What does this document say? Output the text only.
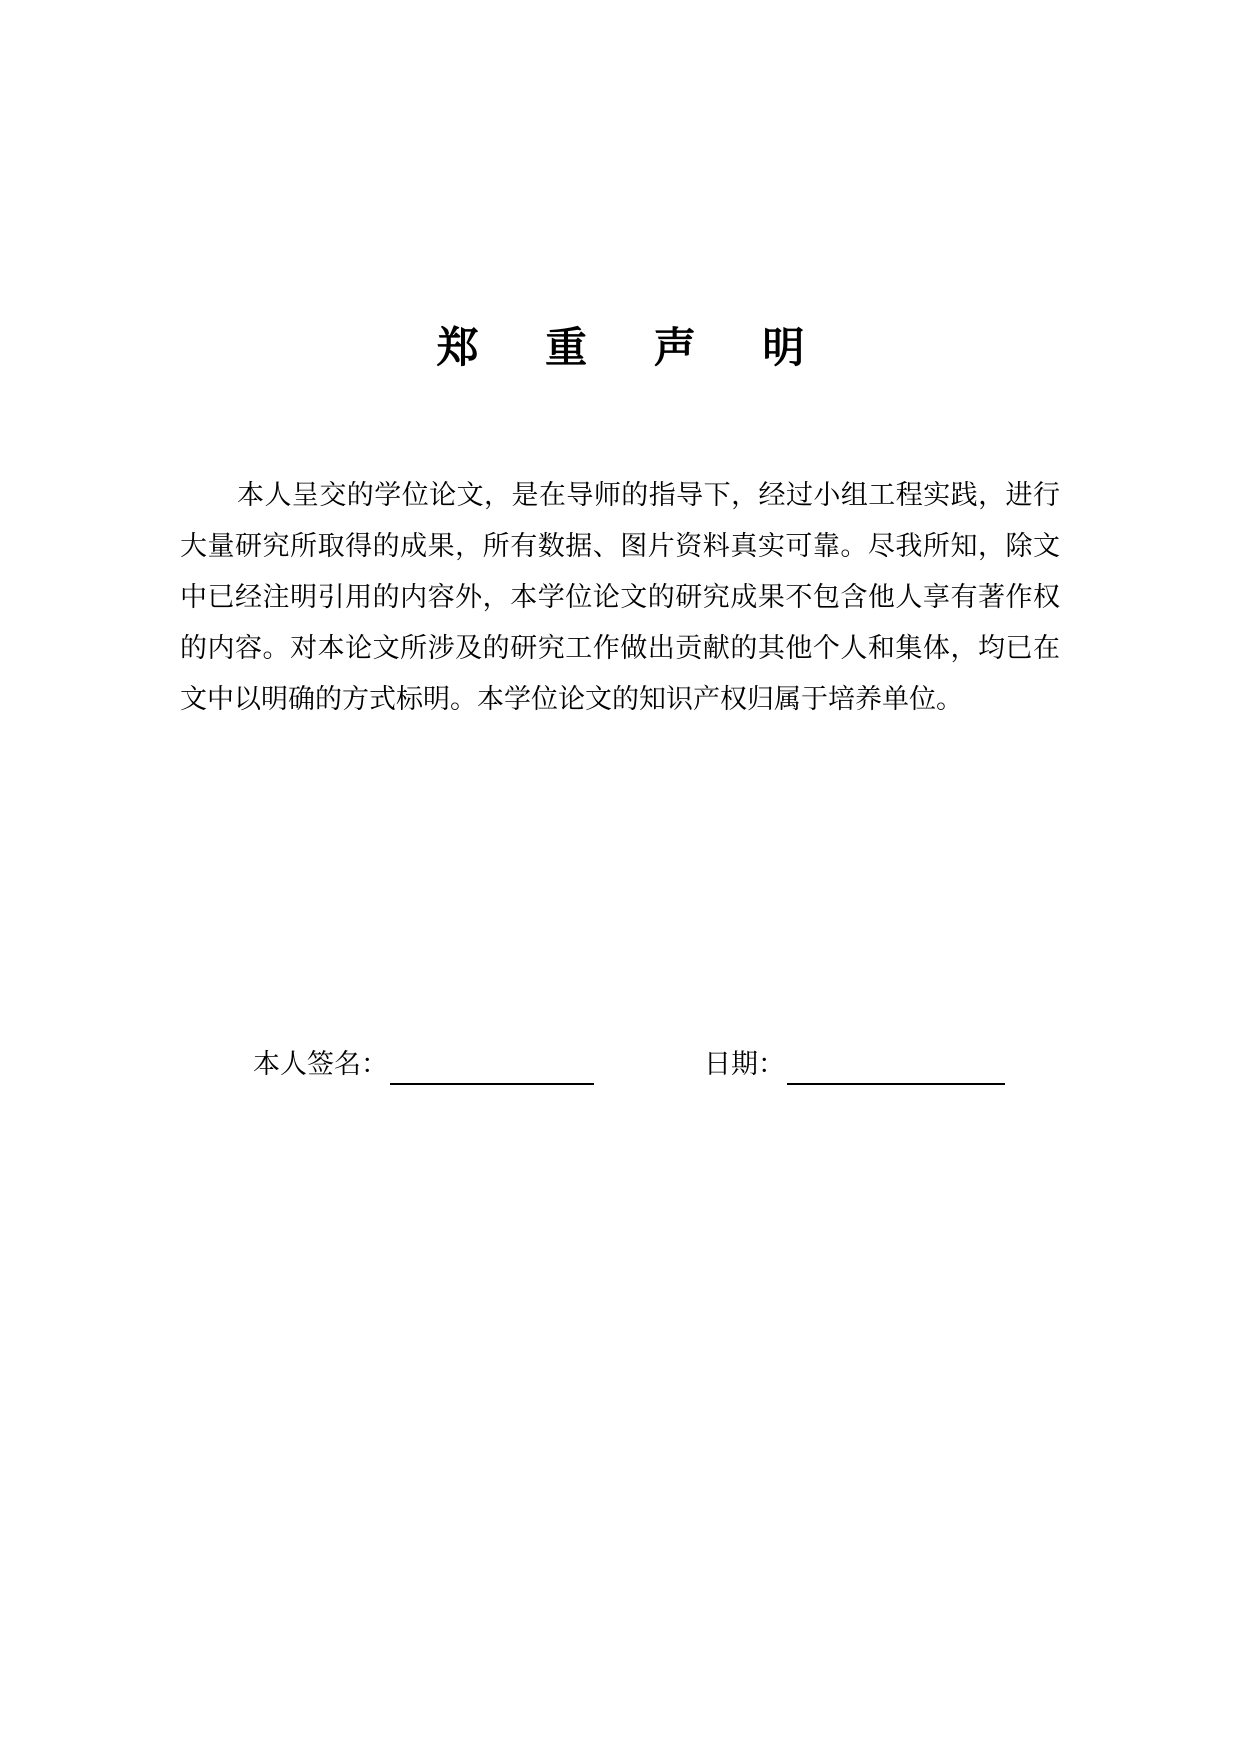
郑 重 声 明

本人呈交的学位论文，是在导师的指导下，经过小组工程实践，进行大量研究所取得的成果，所有数据、图片资料真实可靠。尽我所知，除文中已经注明引用的内容外，本学位论文的研究成果不包含他人享有著作权的内容。对本论文所涉及的研究工作做出贡献的其他个人和集体，均已在文中以明确的方式标明。本学位论文的知识产权归属于培养单位。

本人签名：	日期：
